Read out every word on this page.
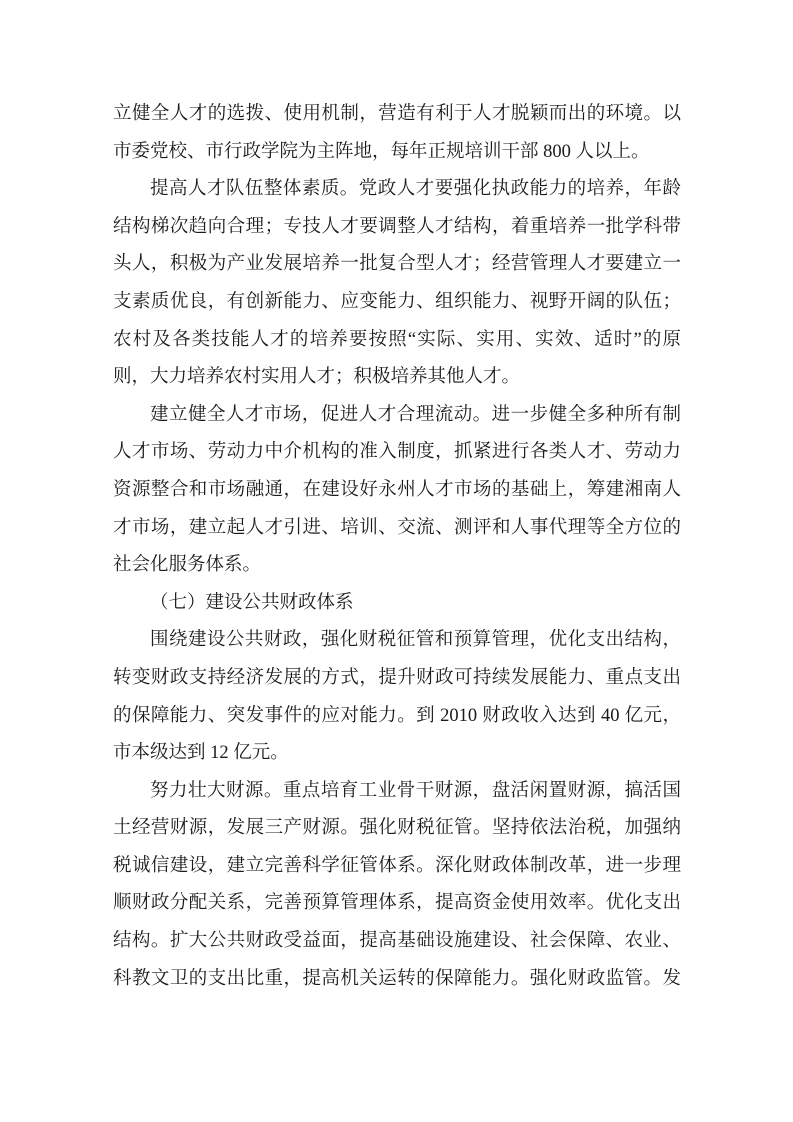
立健全人才的选拨、使用机制，营造有利于人才脱颖而出的环境。以
市委党校、市行政学院为主阵地，每年正规培训干部 800 人以上。
提高人才队伍整体素质。党政人才要强化执政能力的培养，年龄
结构梯次趋向合理；专技人才要调整人才结构，着重培养一批学科带
头人，积极为产业发展培养一批复合型人才；经营管理人才要建立一
支素质优良，有创新能力、应变能力、组织能力、视野开阔的队伍；
农村及各类技能人才的培养要按照“实际、实用、实效、适时”的原
则，大力培养农村实用人才；积极培养其他人才。
建立健全人才市场，促进人才合理流动。进一步健全多种所有制
人才市场、劳动力中介机构的准入制度，抓紧进行各类人才、劳动力
资源整合和市场融通，在建设好永州人才市场的基础上，筹建湘南人
才市场，建立起人才引进、培训、交流、测评和人事代理等全方位的
社会化服务体系。
（七）建设公共财政体系
围绕建设公共财政，强化财税征管和预算管理，优化支出结构，
转变财政支持经济发展的方式，提升财政可持续发展能力、重点支出
的保障能力、突发事件的应对能力。到 2010 财政收入达到 40 亿元，
市本级达到 12 亿元。
努力壮大财源。重点培育工业骨干财源，盘活闲置财源，搞活国
土经营财源，发展三产财源。强化财税征管。坚持依法治税，加强纳
税诚信建设，建立完善科学征管体系。深化财政体制改革，进一步理
顺财政分配关系，完善预算管理体系，提高资金使用效率。优化支出
结构。扩大公共财政受益面，提高基础设施建设、社会保障、农业、
科教文卫的支出比重，提高机关运转的保障能力。强化财政监管。发
